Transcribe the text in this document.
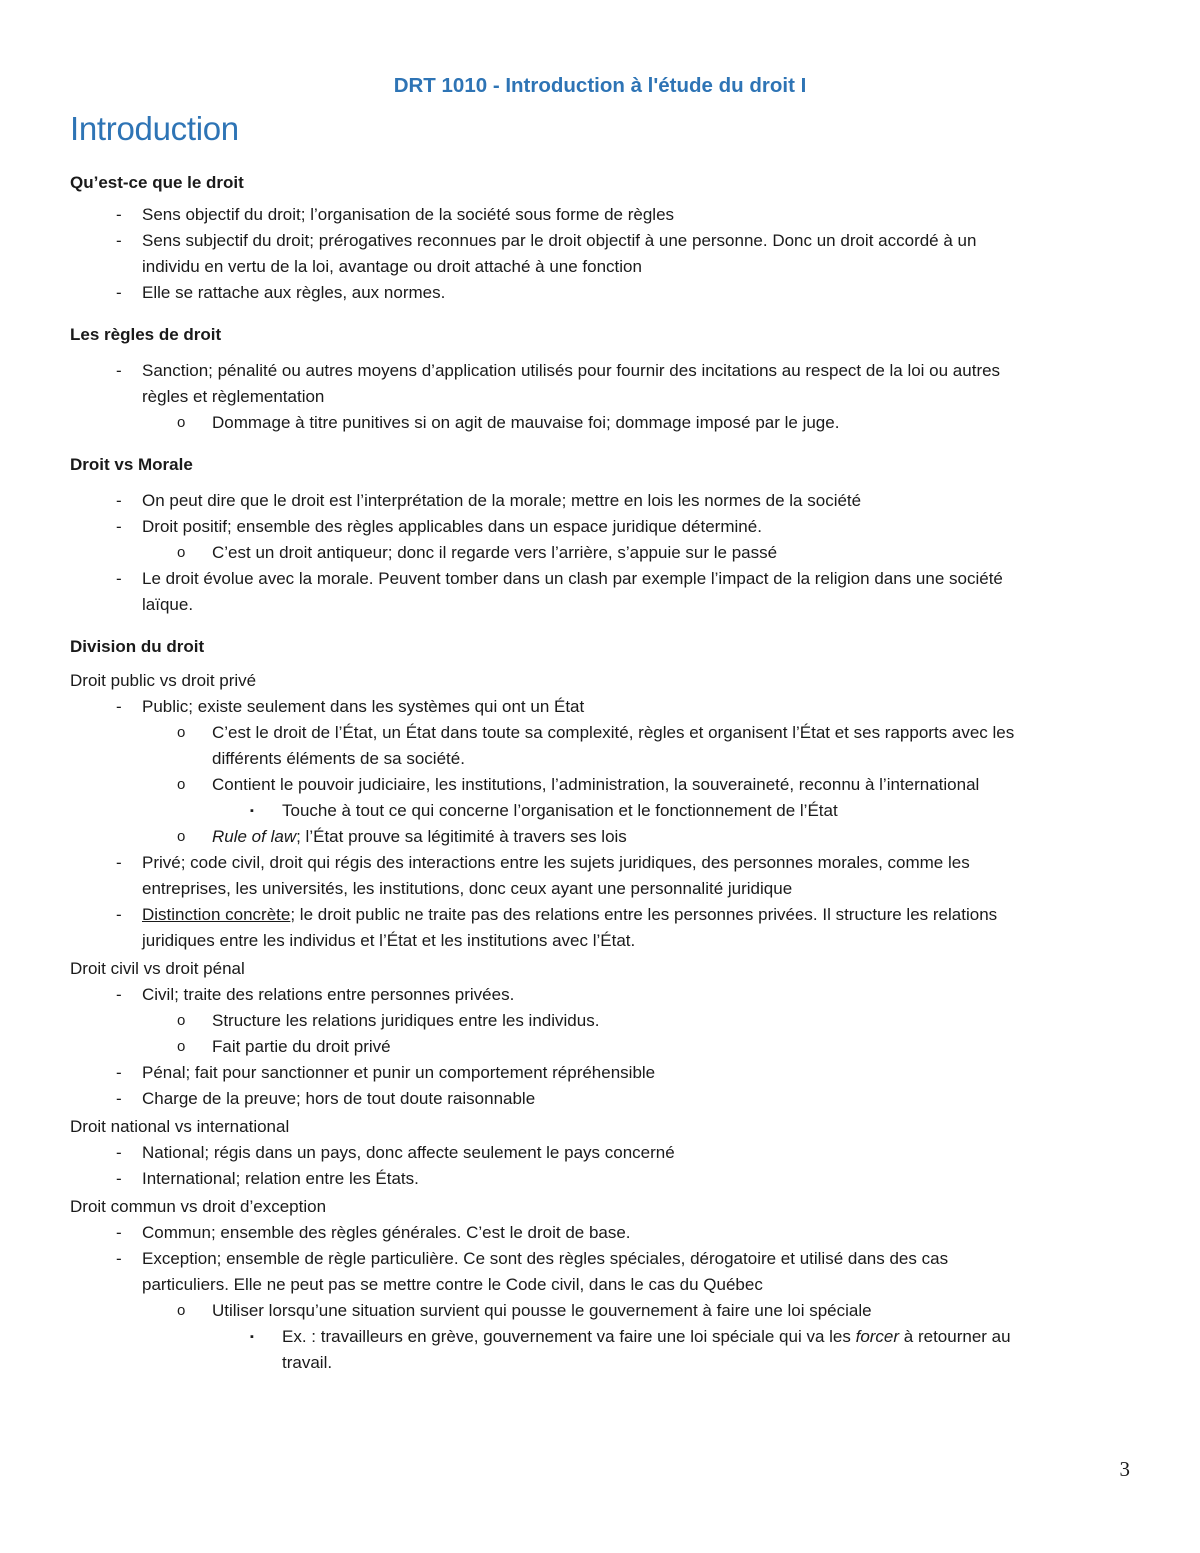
DRT 1010 - Introduction à l'étude du droit I
Introduction
Qu’est-ce que le droit
- Sens objectif du droit; l’organisation de la société sous forme de règles
- Sens subjectif du droit; prérogatives reconnues par le droit objectif à une personne. Donc un droit accordé à un
individu en vertu de la loi, avantage ou droit attaché à une fonction
- Elle se rattache aux règles, aux normes.
Les règles de droit
- Sanction; pénalité ou autres moyens d’application utilisés pour fournir des incitations au respect de la loi ou autres
règles et règlementation
o Dommage à titre punitives si on agit de mauvaise foi; dommage imposé par le juge.
Droit vs Morale
- On peut dire que le droit est l’interprétation de la morale; mettre en lois les normes de la société
- Droit positif; ensemble des règles applicables dans un espace juridique déterminé.
o C’est un droit antiqueur; donc il regarde vers l’arrière, s’appuie sur le passé
- Le droit évolue avec la morale. Peuvent tomber dans un clash par exemple l’impact de la religion dans une société
laïque.
Division du droit
Droit public vs droit privé
- Public; existe seulement dans les systèmes qui ont un État
o C’est le droit de l’État, un État dans toute sa complexité, règles et organisent l’État et ses rapports avec les
différents éléments de sa société.
o Contient le pouvoir judiciaire, les institutions, l’administration, la souveraineté, reconnu à l’international
▪ Touche à tout ce qui concerne l’organisation et le fonctionnement de l’État
o Rule of law; l’État prouve sa légitimité à travers ses lois
- Privé; code civil, droit qui régis des interactions entre les sujets juridiques, des personnes morales, comme les
entreprises, les universités, les institutions, donc ceux ayant une personnalité juridique
- Distinction concrète; le droit public ne traite pas des relations entre les personnes privées. Il structure les relations
juridiques entre les individus et l’État et les institutions avec l’État.
Droit civil vs droit pénal
- Civil; traite des relations entre personnes privées.
o Structure les relations juridiques entre les individus.
o Fait partie du droit privé
- Pénal; fait pour sanctionner et punir un comportement répréhensible
- Charge de la preuve; hors de tout doute raisonnable
Droit national vs international
- National; régis dans un pays, donc affecte seulement le pays concerné
- International; relation entre les États.
Droit commun vs droit d’exception
- Commun; ensemble des règles générales. C’est le droit de base.
- Exception; ensemble de règle particulière. Ce sont des règles spéciales, dérogatoire et utilisé dans des cas
particuliers. Elle ne peut pas se mettre contre le Code civil, dans le cas du Québec
o Utiliser lorsqu’une situation survient qui pousse le gouvernement à faire une loi spéciale
▪ Ex. : travailleurs en grève, gouvernement va faire une loi spéciale qui va les forcer à retourner au
travail.
3
